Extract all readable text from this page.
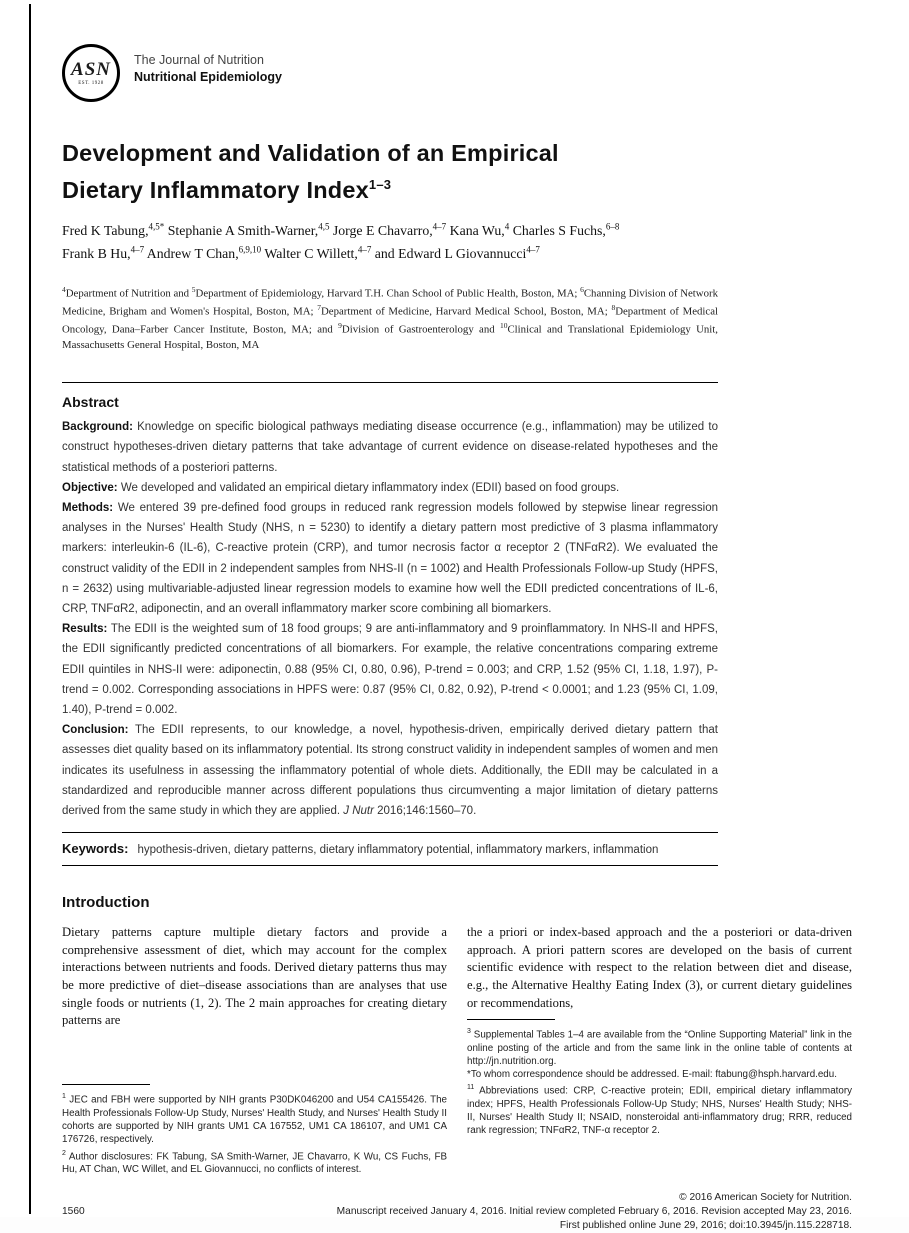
ASN
EST. 1928
The Journal of Nutrition
Nutritional Epidemiology
Development and Validation of an Empirical
Dietary Inflammatory Index$^{1-3}$

Fred K Tabung,$^{4,5*}$ Stephanie A Smith-Warner,$^{4,5}$ Jorge E Chavarro,$^{4-7}$ Kana Wu,$^4$ Charles S Fuchs,$^{6-8}$
Frank B Hu,$^{4-7}$ Andrew T Chan,$^{6,9,10}$ Walter C Willett,$^{4-7}$ and Edward L Giovannucci$^{4-7}$

$^4$Department of Nutrition and $^5$Department of Epidemiology, Harvard T.H. Chan School of Public Health, Boston, MA; $^6$Channing Division of Network Medicine, Brigham and Women's Hospital, Boston, MA; $^7$Department of Medicine, Harvard Medical School, Boston, MA; $^8$Department of Medical Oncology, Dana–Farber Cancer Institute, Boston, MA; and $^9$Division of Gastroenterology and $^{10}$Clinical and Translational Epidemiology Unit, Massachusetts General Hospital, Boston, MA

Abstract

Background: Knowledge on specific biological pathways mediating disease occurrence (e.g., inflammation) may be utilized to construct hypotheses-driven dietary patterns that take advantage of current evidence on disease-related hypotheses and the statistical methods of a posteriori patterns.

Objective: We developed and validated an empirical dietary inflammatory index (EDII) based on food groups.

Methods: We entered 39 pre-defined food groups in reduced rank regression models followed by stepwise linear regression analyses in the Nurses' Health Study (NHS, n = 5230) to identify a dietary pattern most predictive of 3 plasma inflammatory markers: interleukin-6 (IL-6), C-reactive protein (CRP), and tumor necrosis factor α receptor 2 (TNFαR2). We evaluated the construct validity of the EDII in 2 independent samples from NHS-II (n = 1002) and Health Professionals Follow-up Study (HPFS, n = 2632) using multivariable-adjusted linear regression models to examine how well the EDII predicted concentrations of IL-6, CRP, TNFαR2, adiponectin, and an overall inflammatory marker score combining all biomarkers.

Results: The EDII is the weighted sum of 18 food groups; 9 are anti-inflammatory and 9 proinflammatory. In NHS-II and HPFS, the EDII significantly predicted concentrations of all biomarkers. For example, the relative concentrations comparing extreme EDII quintiles in NHS-II were: adiponectin, 0.88 (95% CI, 0.80, 0.96), P-trend = 0.003; and CRP, 1.52 (95% CI, 1.18, 1.97), P-trend = 0.002. Corresponding associations in HPFS were: 0.87 (95% CI, 0.82, 0.92), P-trend < 0.0001; and 1.23 (95% CI, 1.09, 1.40), P-trend = 0.002.

Conclusion: The EDII represents, to our knowledge, a novel, hypothesis-driven, empirically derived dietary pattern that assesses diet quality based on its inflammatory potential. Its strong construct validity in independent samples of women and men indicates its usefulness in assessing the inflammatory potential of whole diets. Additionally, the EDII may be calculated in a standardized and reproducible manner across different populations thus circumventing a major limitation of dietary patterns derived from the same study in which they are applied. J Nutr 2016;146:1560–70.

Keywords: hypothesis-driven, dietary patterns, dietary inflammatory potential, inflammatory markers, inflammation

Introduction

Dietary patterns capture multiple dietary factors and provide a comprehensive assessment of diet, which may account for the complex interactions between nutrients and foods. Derived dietary patterns thus may be more predictive of diet–disease associations than are analyses that use single foods or nutrients (1, 2). The 2 main approaches for creating dietary patterns are

$^1$ JEC and FBH were supported by NIH grants P30DK046200 and U54 CA155426. The Health Professionals Follow-Up Study, Nurses' Health Study, and Nurses' Health Study II cohorts are supported by NIH grants UM1 CA 167552, UM1 CA 186107, and UM1 CA 176726, respectively.

$^2$ Author disclosures: FK Tabung, SA Smith-Warner, JE Chavarro, K Wu, CS Fuchs, FB Hu, AT Chan, WC Willet, and EL Giovannucci, no conflicts of interest.

the a priori or index-based approach and the a posteriori or data-driven approach. A priori pattern scores are developed on the basis of current scientific evidence with respect to the relation between diet and disease, e.g., the Alternative Healthy Eating Index (3), or current dietary guidelines or recommendations,

$^3$ Supplemental Tables 1–4 are available from the “Online Supporting Material” link in the online posting of the article and from the same link in the online table of contents at http://jn.nutrition.org.

*To whom correspondence should be addressed. E-mail: ftabung@hsph.harvard.edu.

$^{11}$ Abbreviations used: CRP, C-reactive protein; EDII, empirical dietary inflammatory index; HPFS, Health Professionals Follow-Up Study; NHS, Nurses' Health Study; NHS-II, Nurses' Health Study II; NSAID, nonsteroidal anti-inflammatory drug; RRR, reduced rank regression; TNFαR2, TNF-α receptor 2.

1560
© 2016 American Society for Nutrition.
Manuscript received January 4, 2016. Initial review completed February 6, 2016. Revision accepted May 23, 2016.
First published online June 29, 2016; doi:10.3945/jn.115.228718.
